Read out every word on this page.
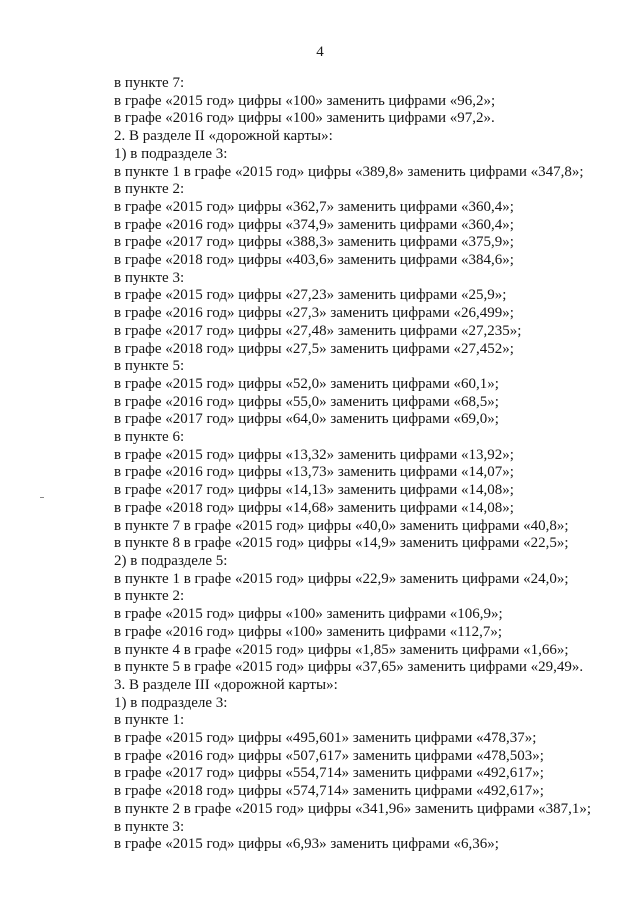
4
в пункте 7:
в графе «2015 год» цифры «100» заменить цифрами «96,2»;
в графе «2016 год» цифры «100» заменить цифрами «97,2».
2. В разделе II «дорожной карты»:
1) в подразделе 3:
в пункте 1 в графе «2015 год» цифры «389,8» заменить цифрами «347,8»;
в пункте 2:
в графе «2015 год» цифры «362,7» заменить цифрами «360,4»;
в графе «2016 год» цифры «374,9» заменить цифрами «360,4»;
в графе «2017 год» цифры «388,3» заменить цифрами «375,9»;
в графе «2018 год» цифры «403,6» заменить цифрами «384,6»;
в пункте 3:
в графе «2015 год» цифры «27,23» заменить цифрами «25,9»;
в графе «2016 год» цифры «27,3» заменить цифрами «26,499»;
в графе «2017 год» цифры «27,48» заменить цифрами «27,235»;
в графе «2018 год» цифры «27,5» заменить цифрами «27,452»;
в пункте 5:
в графе «2015 год» цифры «52,0» заменить цифрами «60,1»;
в графе «2016 год» цифры «55,0» заменить цифрами «68,5»;
в графе «2017 год» цифры «64,0» заменить цифрами «69,0»;
в пункте 6:
в графе «2015 год» цифры «13,32» заменить цифрами «13,92»;
в графе «2016 год» цифры «13,73» заменить цифрами «14,07»;
в графе «2017 год» цифры «14,13» заменить цифрами «14,08»;
в графе «2018 год» цифры «14,68» заменить цифрами «14,08»;
в пункте 7 в графе «2015 год» цифры «40,0» заменить цифрами «40,8»;
в пункте 8 в графе «2015 год» цифры «14,9» заменить цифрами «22,5»;
2) в подразделе 5:
в пункте 1 в графе «2015 год» цифры «22,9» заменить цифрами «24,0»;
в пункте 2:
в графе «2015 год» цифры «100» заменить цифрами «106,9»;
в графе «2016 год» цифры «100» заменить цифрами «112,7»;
в пункте 4 в графе «2015 год» цифры «1,85» заменить цифрами «1,66»;
в пункте 5 в графе «2015 год» цифры «37,65» заменить цифрами «29,49».
3. В разделе III «дорожной карты»:
1) в подразделе 3:
в пункте 1:
в графе «2015 год» цифры «495,601» заменить цифрами «478,37»;
в графе «2016 год» цифры «507,617» заменить цифрами «478,503»;
в графе «2017 год» цифры «554,714» заменить цифрами «492,617»;
в графе «2018 год» цифры «574,714» заменить цифрами «492,617»;
в пункте 2 в графе «2015 год» цифры «341,96» заменить цифрами «387,1»;
в пункте 3:
в графе «2015 год» цифры «6,93» заменить цифрами «6,36»;
